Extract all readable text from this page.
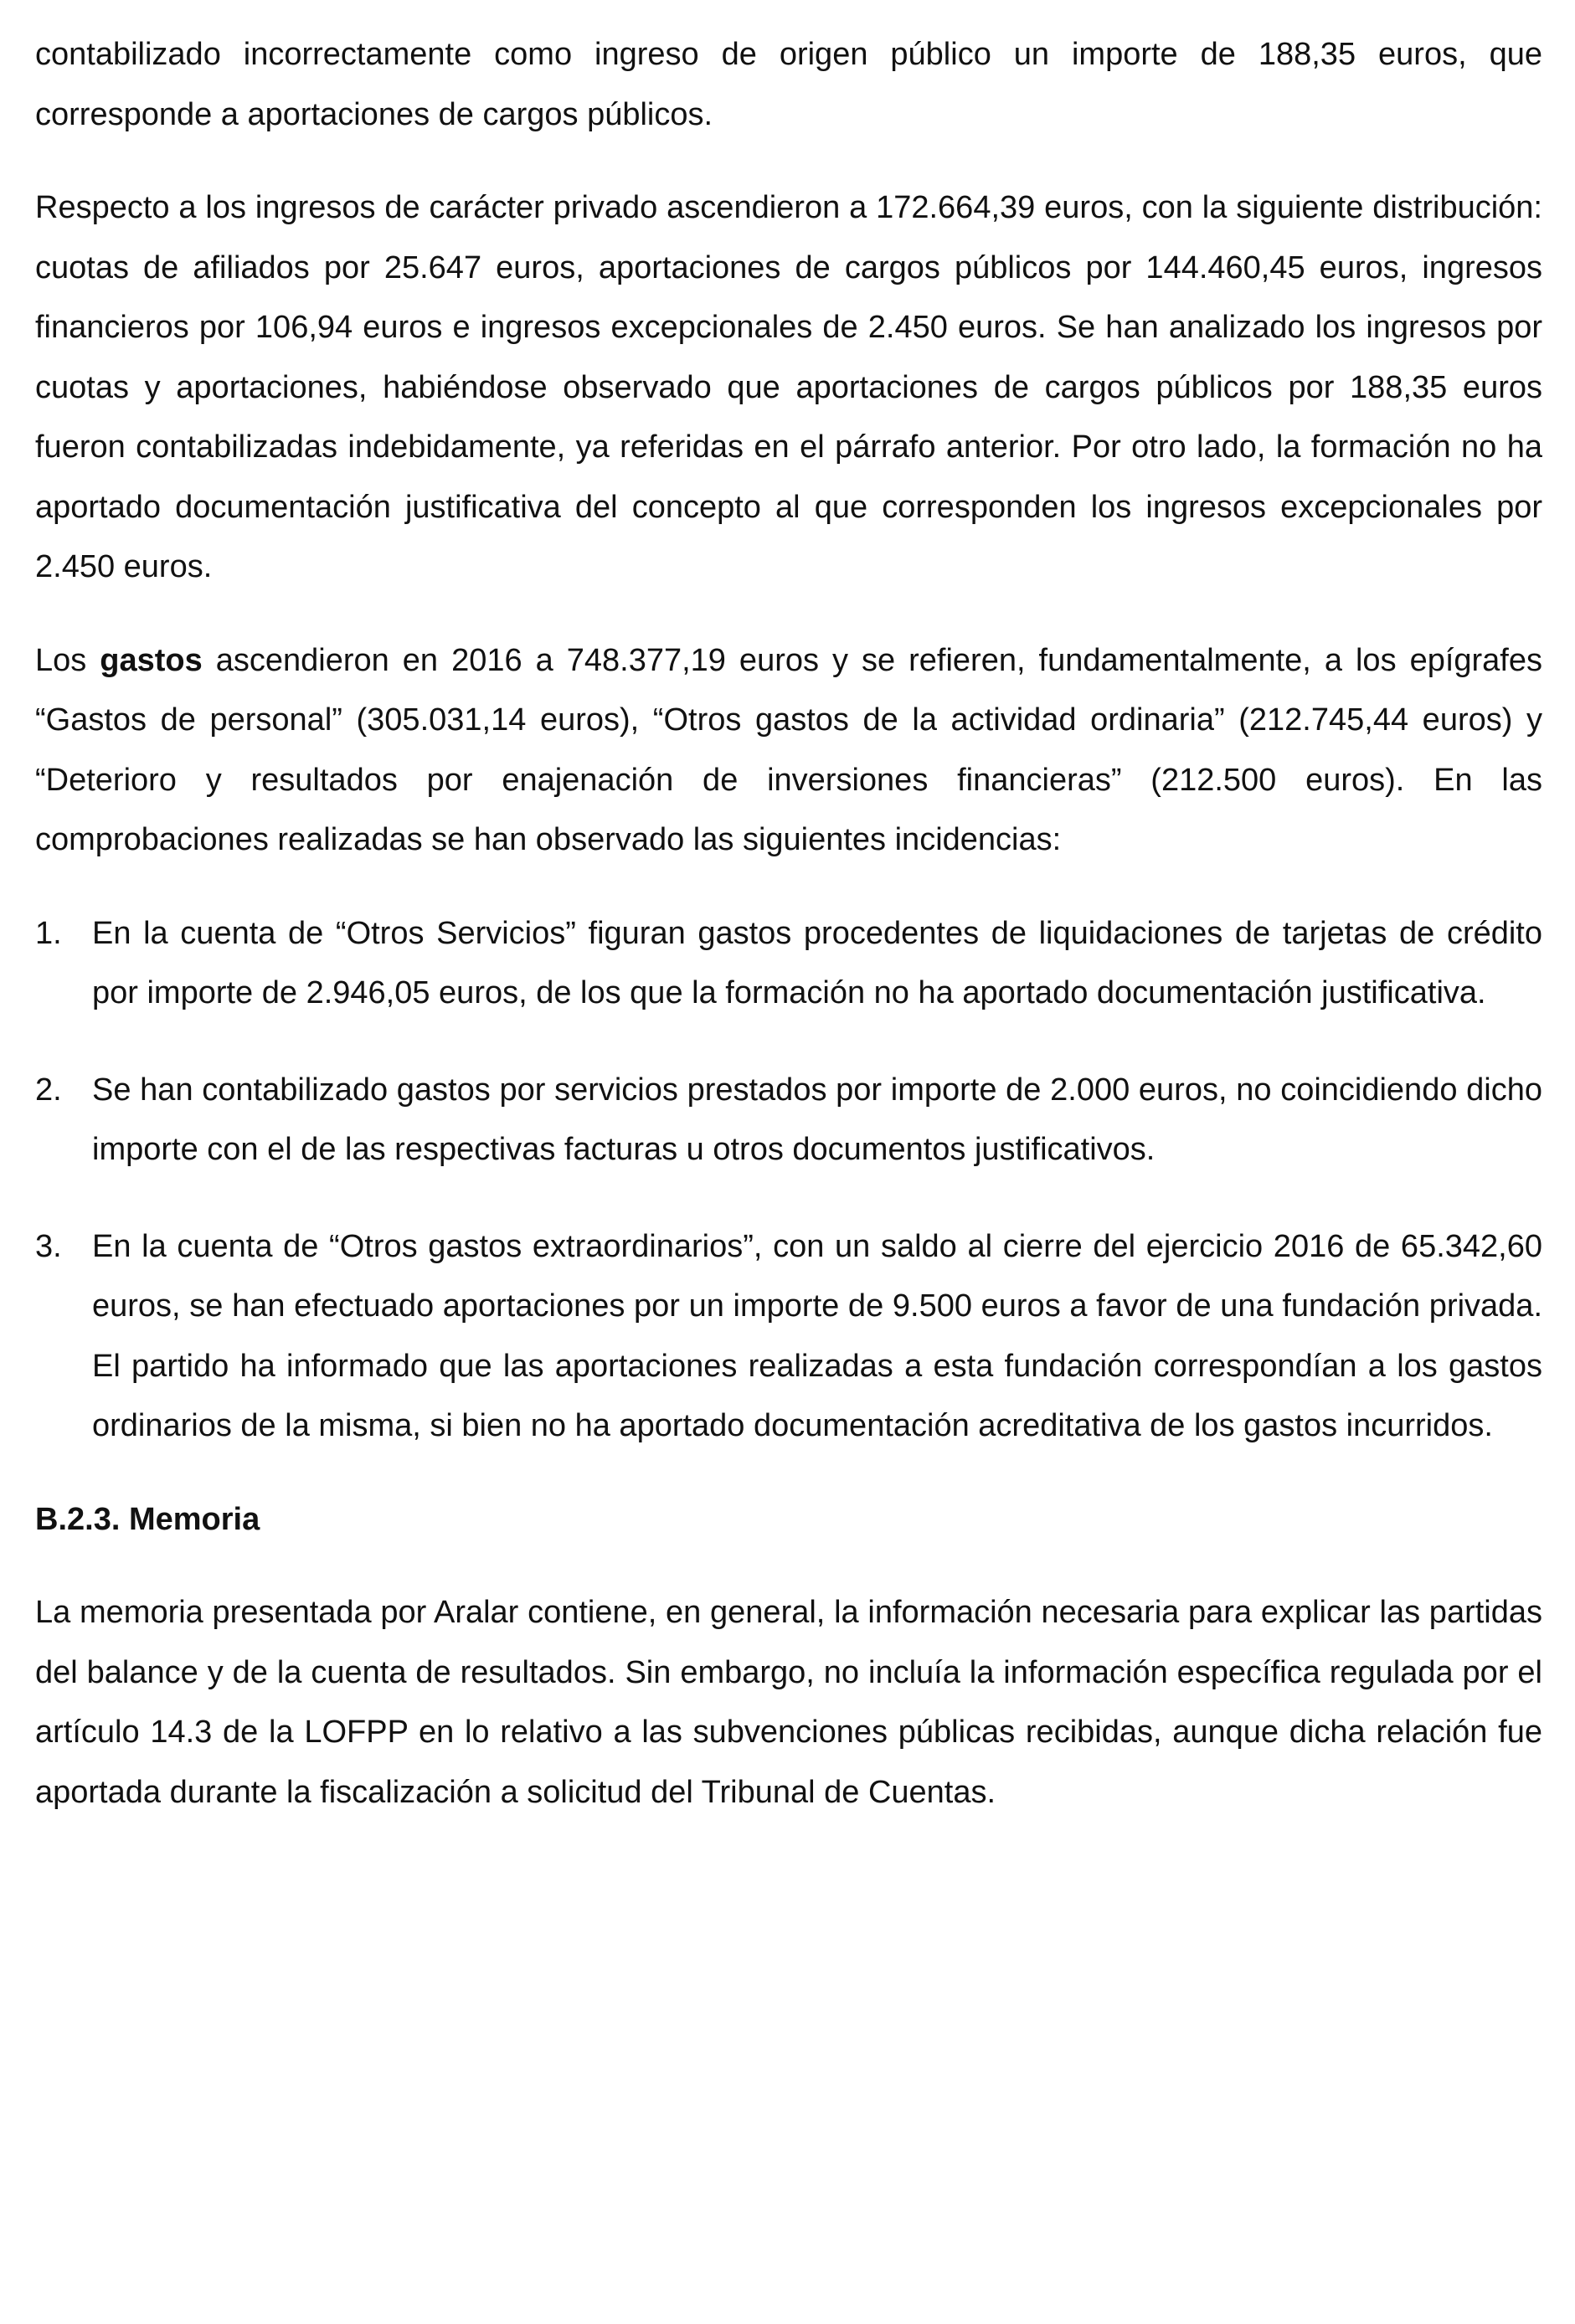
contabilizado incorrectamente como ingreso de origen público un importe de 188,35 euros, que corresponde a aportaciones de cargos públicos.

Respecto a los ingresos de carácter privado ascendieron a 172.664,39 euros, con la siguiente distribución: cuotas de afiliados por 25.647 euros, aportaciones de cargos públicos por 144.460,45 euros, ingresos financieros por 106,94 euros e ingresos excepcionales de 2.450 euros. Se han analizado los ingresos por cuotas y aportaciones, habiéndose observado que aportaciones de cargos públicos por 188,35 euros fueron contabilizadas indebidamente, ya referidas en el párrafo anterior. Por otro lado, la formación no ha aportado documentación justificativa del concepto al que corresponden los ingresos excepcionales por 2.450 euros.

Los gastos ascendieron en 2016 a 748.377,19 euros y se refieren, fundamentalmente, a los epígrafes “Gastos de personal” (305.031,14 euros), “Otros gastos de la actividad ordinaria” (212.745,44 euros) y “Deterioro y resultados por enajenación de inversiones financieras” (212.500 euros). En las comprobaciones realizadas se han observado las siguientes incidencias:

1. En la cuenta de “Otros Servicios” figuran gastos procedentes de liquidaciones de tarjetas de crédito por importe de 2.946,05 euros, de los que la formación no ha aportado documentación justificativa.
2. Se han contabilizado gastos por servicios prestados por importe de 2.000 euros, no coincidiendo dicho importe con el de las respectivas facturas u otros documentos justificativos.
3. En la cuenta de “Otros gastos extraordinarios”, con un saldo al cierre del ejercicio 2016 de 65.342,60 euros, se han efectuado aportaciones por un importe de 9.500 euros a favor de una fundación privada. El partido ha informado que las aportaciones realizadas a esta fundación correspondían a los gastos ordinarios de la misma, si bien no ha aportado documentación acreditativa de los gastos incurridos.
B.2.3. Memoria

La memoria presentada por Aralar contiene, en general, la información necesaria para explicar las partidas del balance y de la cuenta de resultados. Sin embargo, no incluía la información específica regulada por el artículo 14.3 de la LOFPP en lo relativo a las subvenciones públicas recibidas, aunque dicha relación fue aportada durante la fiscalización a solicitud del Tribunal de Cuentas.
